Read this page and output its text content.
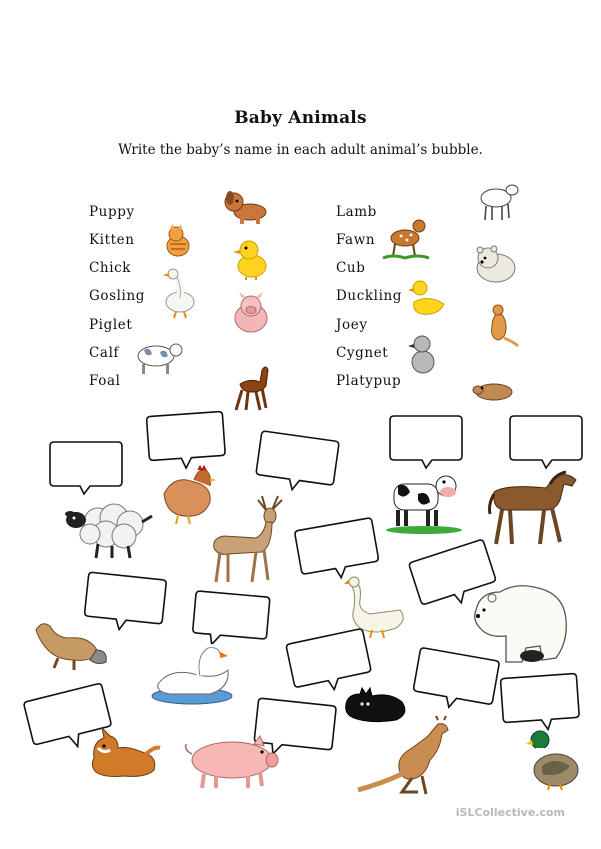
Baby Animals
Write the baby’s name in each adult animal’s bubble.
Puppy
Kitten
Chick
Gosling
Piglet
Calf
Foal
Lamb
Fawn
Cub
Duckling
Joey
Cygnet
Platypup
iSLCollective.com
